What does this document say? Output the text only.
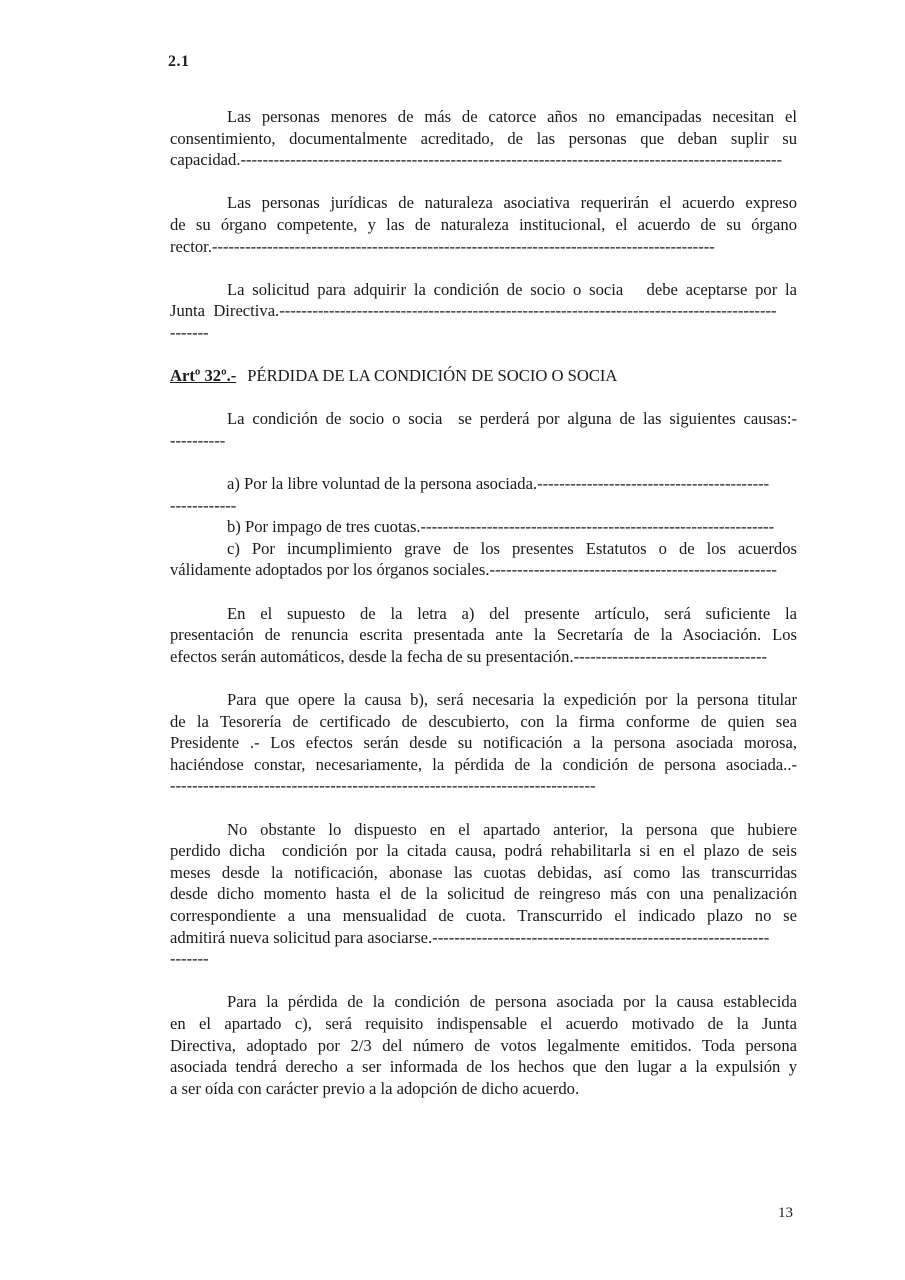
2.1
Las personas menores de más de catorce años no emancipadas necesitan el
consentimiento, documentalmente acreditado, de las personas que deban suplir su
capacidad.--------------------------------------------------------------------------------------------------
Las personas jurídicas de naturaleza asociativa requerirán el acuerdo expreso
de su órgano competente, y las de naturaleza institucional, el acuerdo de su órgano
rector.-------------------------------------------------------------------------------------------
La solicitud para adquirir la condición de socio o socia   debe aceptarse por la
Junta  Directiva.------------------------------------------------------------------------------------------
-------
Artº 32º.- PÉRDIDA DE LA CONDICIÓN DE SOCIO O SOCIA
La condición de socio o socia  se perderá por alguna de las siguientes causas:-
----------
a) Por la libre voluntad de la persona asociada.------------------------------------------
------------
b) Por impago de tres cuotas.----------------------------------------------------------------
c) Por incumplimiento grave de los presentes Estatutos o de los acuerdos
válidamente adoptados por los órganos sociales.----------------------------------------------------
En el supuesto de la letra a) del presente artículo, será suficiente la
presentación de renuncia escrita presentada ante la Secretaría de la Asociación. Los
efectos serán automáticos, desde la fecha de su presentación.-----------------------------------
Para que opere la causa b), será necesaria la expedición por la persona titular
de la Tesorería de certificado de descubierto, con la firma conforme de quien sea
Presidente .- Los efectos serán desde su notificación a la persona asociada morosa,
haciéndose constar, necesariamente, la pérdida de la condición de persona asociada..-
-----------------------------------------------------------------------------
No obstante lo dispuesto en el apartado anterior, la persona que hubiere
perdido dicha  condición por la citada causa, podrá rehabilitarla si en el plazo de seis
meses desde la notificación, abonase las cuotas debidas, así como las transcurridas
desde dicho momento hasta el de la solicitud de reingreso más con una penalización
correspondiente a una mensualidad de cuota. Transcurrido el indicado plazo no se
admitirá nueva solicitud para asociarse.-------------------------------------------------------------
-------
Para la pérdida de la condición de persona asociada por la causa establecida
en el apartado c), será requisito indispensable el acuerdo motivado de la Junta
Directiva, adoptado por 2/3 del número de votos legalmente emitidos. Toda persona
asociada tendrá derecho a ser informada de los hechos que den lugar a la expulsión y
a ser oída con carácter previo a la adopción de dicho acuerdo.
13
